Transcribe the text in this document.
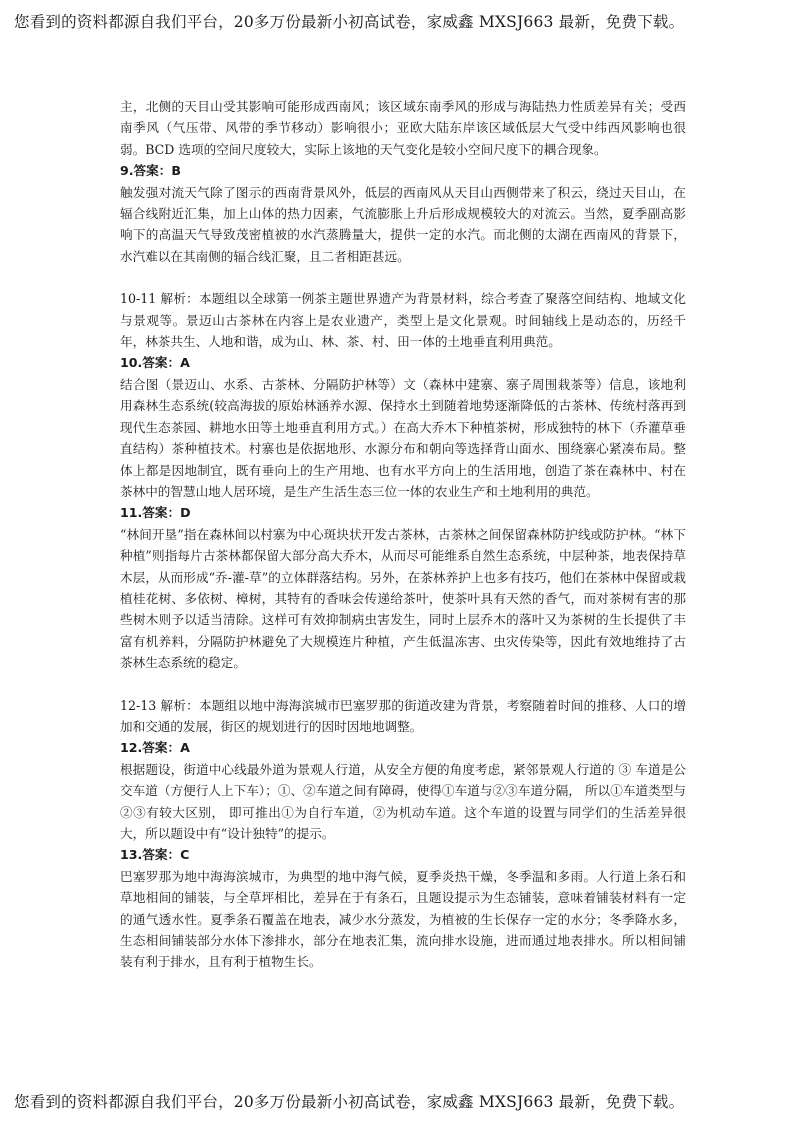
您看到的资料都源自我们平台，20多万份最新小初高试卷，家威鑫 MXSJ663 最新，免费下载。

主，北侧的天目山受其影响可能形成西南风；该区域东南季风的形成与海陆热力性质差异有关；受西南季风（气压带、风带的季节移动）影响很小；亚欧大陆东岸该区域低层大气受中纬西风影响也很弱。BCD 选项的空间尺度较大，实际上该地的天气变化是较小空间尺度下的耦合现象。

9.答案：B

触发强对流天气除了图示的西南背景风外，低层的西南风从天目山西侧带来了积云，绕过天目山，在辐合线附近汇集，加上山体的热力因素，气流膨胀上升后形成规模较大的对流云。当然，夏季副高影响下的高温天气导致茂密植被的水汽蒸腾量大，提供一定的水汽。而北侧的太湖在西南风的背景下，水汽难以在其南侧的辐合线汇聚，且二者相距甚远。

10-11 解析：本题组以全球第一例茶主题世界遗产为背景材料，综合考查了聚落空间结构、地域文化与景观等。景迈山古茶林在内容上是农业遗产，类型上是文化景观。时间轴线上是动态的，历经千年，林茶共生、人地和谐，成为山、林、茶、村、田一体的土地垂直利用典范。

10.答案：A

结合图（景迈山、水系、古茶林、分隔防护林等）文（森林中建寨、寨子周围栽茶等）信息，该地利用森林生态系统(较高海拔的原始林涵养水源、保持水土到随着地势逐渐降低的古茶林、传统村落再到现代生态茶园、耕地水田等土地垂直利用方式。）在高大乔木下种植茶树，形成独特的林下（乔灌草垂直结构）茶种植技术。村寨也是依据地形、水源分布和朝向等选择背山面水、围绕寨心紧凑布局。整体上都是因地制宜，既有垂向上的生产用地、也有水平方向上的生活用地，创造了茶在森林中、村在茶林中的智慧山地人居环境，是生产生活生态三位一体的农业生产和土地利用的典范。

11.答案：D

“林间开垦”指在森林间以村寨为中心斑块状开发古茶林，古茶林之间保留森林防护线或防护林。“林下种植”则指每片古茶林都保留大部分高大乔木，从而尽可能维系自然生态系统，中层种茶，地表保持草木层，从而形成“乔-灌-草”的立体群落结构。另外，在茶林养护上也多有技巧，他们在茶林中保留或栽植桂花树、多依树、樟树，其特有的香味会传递给茶叶，使茶叶具有天然的香气，而对茶树有害的那些树木则予以适当清除。这样可有效抑制病虫害发生，同时上层乔木的落叶又为茶树的生长提供了丰富有机养料，分隔防护林避免了大规模连片种植，产生低温冻害、虫灾传染等，因此有效地维持了古茶林生态系统的稳定。

12-13 解析：本题组以地中海海滨城市巴塞罗那的街道改建为背景，考察随着时间的推移、人口的增加和交通的发展，街区的规划进行的因时因地地调整。

12.答案：A

根据题设，街道中心线最外道为景观人行道，从安全方便的角度考虑，紧邻景观人行道的 ③ 车道是公交车道（方便行人上下车）；①、②车道之间有障碍，使得①车道与②③车道分隔， 所以①车道类型与②③有较大区别， 即可推出①为自行车道，②为机动车道。这个车道的设置与同学们的生活差异很大，所以题设中有“设计独特”的提示。

13.答案：C

巴塞罗那为地中海海滨城市，为典型的地中海气候，夏季炎热干燥，冬季温和多雨。人行道上条石和草地相间的铺装，与全草坪相比，差异在于有条石，且题设提示为生态铺装，意味着铺装材料有一定的通气透水性。夏季条石覆盖在地表，减少水分蒸发，为植被的生长保存一定的水分；冬季降水多，生态相间铺装部分水体下渗排水，部分在地表汇集，流向排水设施，进而通过地表排水。所以相间铺装有利于排水，且有利于植物生长。

您看到的资料都源自我们平台，20多万份最新小初高试卷，家威鑫 MXSJ663 最新，免费下载。
